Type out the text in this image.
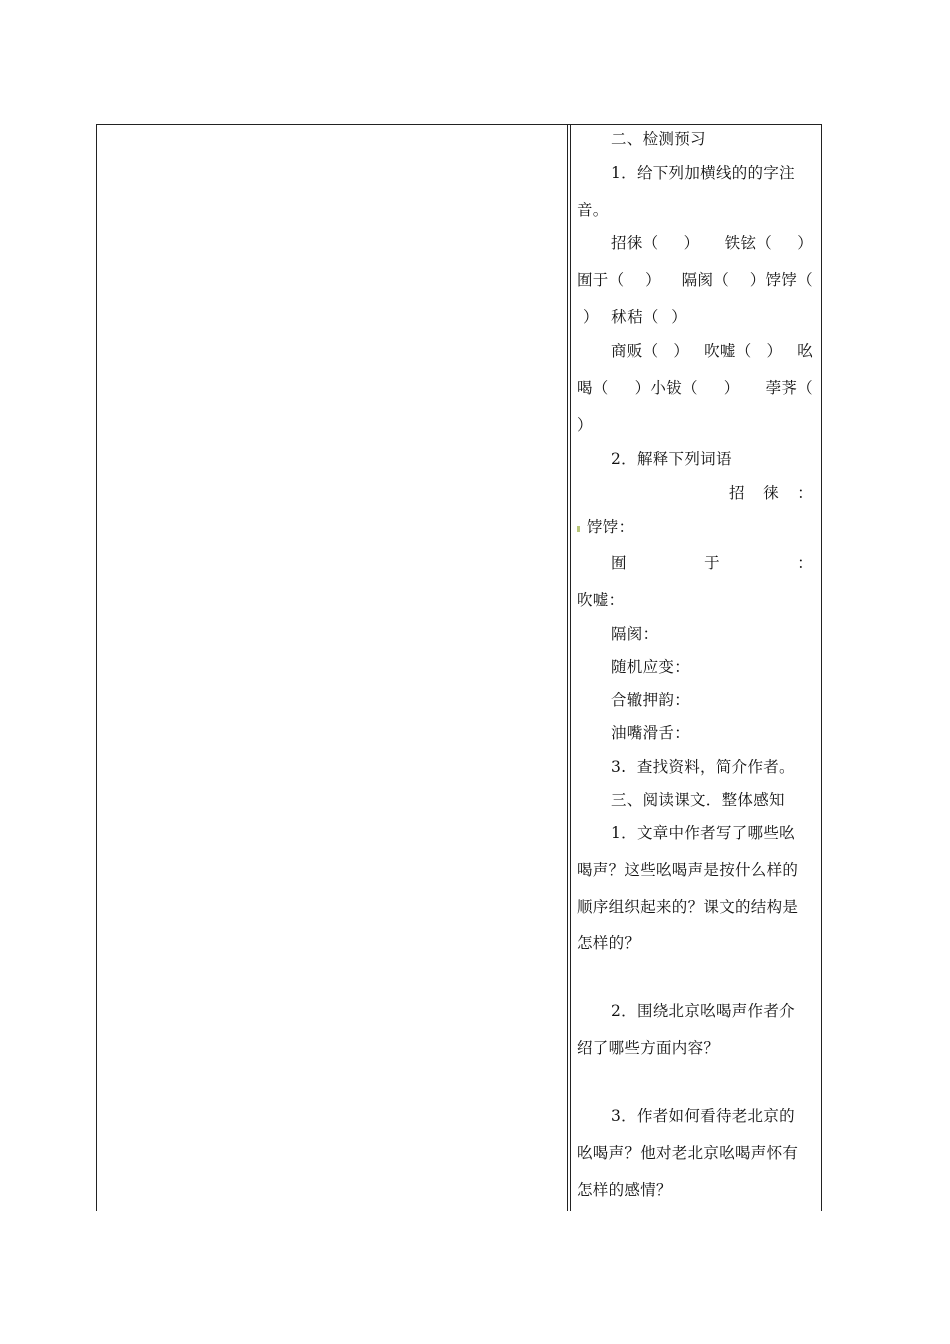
二、检测预习
1．给下列加横线的的字注
音。
招徕（ ） 铁铉（ ）
囿于（ ） 隔阂（ ）饽饽（
） 秫秸（ ）
商贩（ ） 吹嘘（ ） 吆
喝（ ）小钹（ ） 荸荠（
）
2．解释下列词语
招 徕 ：
饽饽：
囿	于	：
吹嘘：
隔阂：
随机应变：
合辙押韵：
油嘴滑舌：
3.  查找资料，简介作者。
三、阅读课文．整体感知
1．文章中作者写了哪些吆
喝声？这些吆喝声是按什么样的
顺序组织起来的？课文的结构是
怎样的？
2．围绕北京吆喝声作者介
绍了哪些方面内容？
3．作者如何看待老北京的
吆喝声？他对老北京吆喝声怀有
怎样的感情？
